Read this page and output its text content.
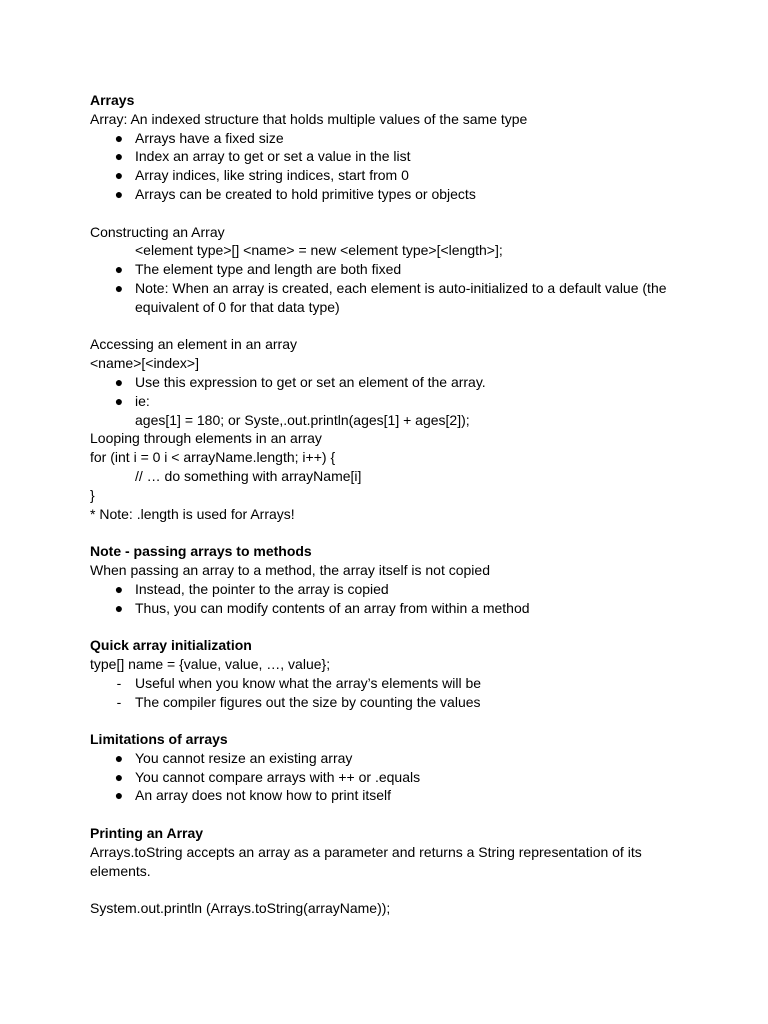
Arrays
Array: An indexed structure that holds multiple values of the same type
● Arrays have a fixed size
● Index an array to get or set a value in the list
● Array indices, like string indices, start from 0
● Arrays can be created to hold primitive types or objects
Constructing an Array
<element type>[] <name> = new <element type>[<length>];
● The element type and length are both fixed
● Note: When an array is created, each element is auto-initialized to a default value (the equivalent of 0 for that data type)
Accessing an element in an array
<name>[<index>]
● Use this expression to get or set an element of the array.
● ie:
ages[1] = 180; or Syste,.out.println(ages[1] + ages[2]);
Looping through elements in an array
for (int i = 0 i < arrayName.length; i++) {
// … do something with arrayName[i]
}
* Note: .length is used for Arrays!
Note - passing arrays to methods
When passing an array to a method, the array itself is not copied
● Instead, the pointer to the array is copied
● Thus, you can modify contents of an array from within a method
Quick array initialization
type[] name = {value, value, …, value};
- Useful when you know what the array’s elements will be
- The compiler figures out the size by counting the values
Limitations of arrays
● You cannot resize an existing array
● You cannot compare arrays with ++ or .equals
● An array does not know how to print itself
Printing an Array
Arrays.toString accepts an array as a parameter and returns a String representation of its elements.
System.out.println (Arrays.toString(arrayName));
